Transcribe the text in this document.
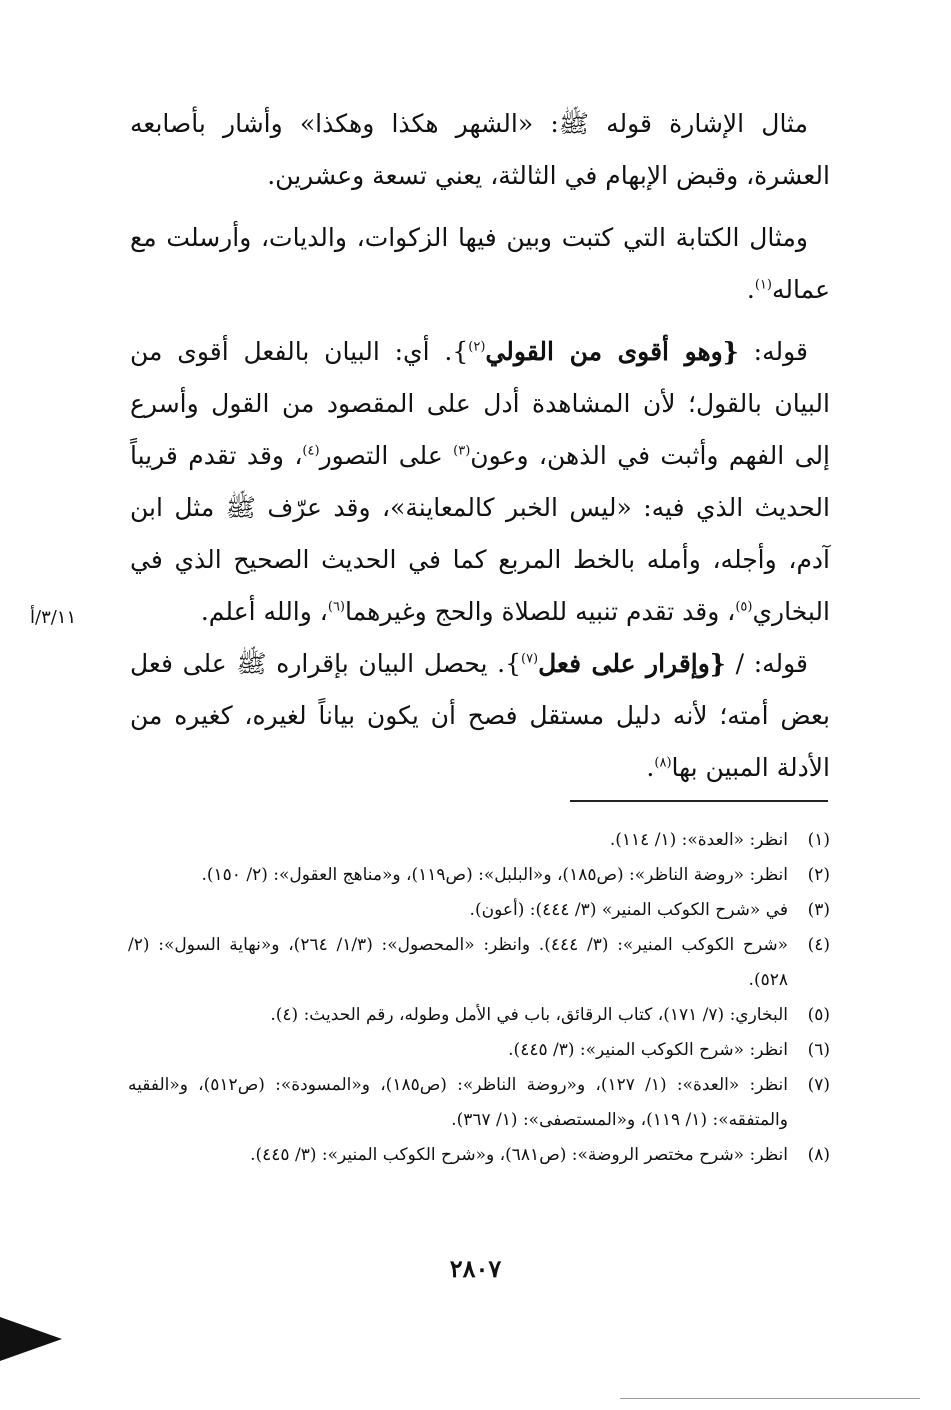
مثال الإشارة قوله ﷺ: «الشهر هكذا وهكذا» وأشار بأصابعه العشرة، وقبض الإبهام في الثالثة، يعني تسعة وعشرين.

ومثال الكتابة التي كتبت وبين فيها الزكوات، والديات، وأرسلت مع عماله$^{(١)}$.

قوله: {وهو أقوى من القولي$^{(٢)}$}. أي: البيان بالفعل أقوى من البيان بالقول؛ لأن المشاهدة أدل على المقصود من القول وأسرع إلى الفهم وأثبت في الذهن، وعون$^{(٣)}$ على التصور$^{(٤)}$، وقد تقدم قريباً الحديث الذي فيه: «ليس الخبر كالمعاينة»، وقد عرّف ﷺ مثل ابن آدم، وأجله، وأمله بالخط المربع كما في الحديث الصحيح الذي في البخاري$^{(٥)}$، وقد تقدم تنبيه للصلاة والحج وغيرهما$^{(٦)}$، والله أعلم.

قوله: / {وإقرار على فعل$^{(٧)}$}. يحصل البيان بإقراره ﷺ على فعل بعض أمته؛ لأنه دليل مستقل فصح أن يكون بياناً لغيره، كغيره من الأدلة المبين بها$^{(٨)}$.

٣/١١/أ
(١)
انظر: «العدة»: (١/ ١١٤).
(٢)
انظر: «روضة الناظر»: (ص١٨٥)، و«البلبل»: (ص١١٩)، و«مناهج العقول»: (٢/ ١٥٠).
(٣)
في «شرح الكوكب المنير» (٣/ ٤٤٤): (أعون).
(٤)
«شرح الكوكب المنير»: (٣/ ٤٤٤). وانظر: «المحصول»: (١/٣/ ٢٦٤)، و«نهاية السول»: (٢/ ٥٢٨).
(٥)
البخاري: (٧/ ١٧١)، كتاب الرقائق، باب في الأمل وطوله، رقم الحديث: (٤).
(٦)
انظر: «شرح الكوكب المنير»: (٣/ ٤٤٥).
(٧)
انظر: «العدة»: (١/ ١٢٧)، و«روضة الناظر»: (ص١٨٥)، و«المسودة»: (ص٥١٢)، و«الفقيه والمتفقه»: (١/ ١١٩)، و«المستصفى»: (١/ ٣٦٧).
(٨)
انظر: «شرح مختصر الروضة»: (ص٦٨١)، و«شرح الكوكب المنير»: (٣/ ٤٤٥).
٢٨٠٧
